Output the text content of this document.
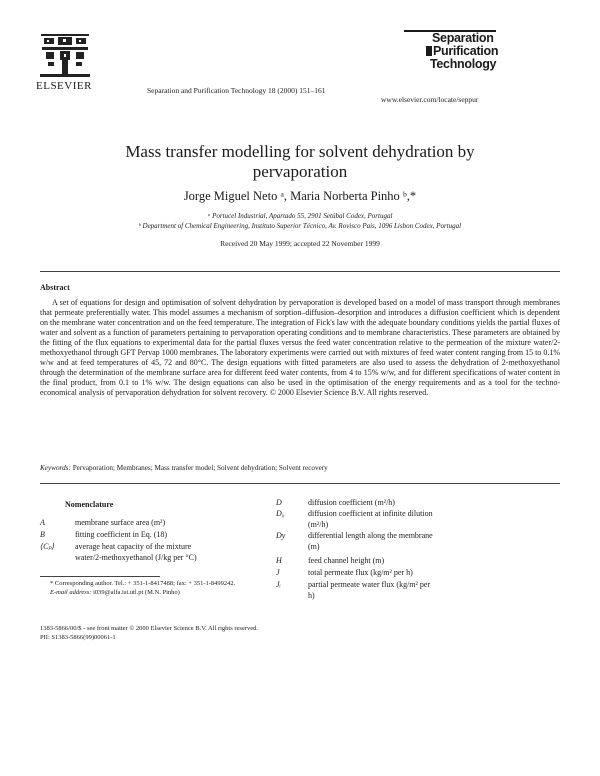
ELSEVIER	Separation and Purification Technology 18 (2000) 151–161
Separation
Purification
Technology
www.elsevier.com/locate/seppur
Mass transfer modelling for solvent dehydration by
pervaporation
Jorge Miguel Neto ᵃ, Maria Norberta Pinho ᵇ,*
ᵃ Portucel Industrial, Apartado 55, 2901 Setúbal Codex, Portugal
ᵇ Department of Chemical Engineering, Instituto Superior Técnico, Av. Rovisco Pais, 1096 Lisbon Codex, Portugal
Received 20 May 1999; accepted 22 November 1999
Abstract

A set of equations for design and optimisation of solvent dehydration by pervaporation is developed based on a model of mass transport through membranes that permeate preferentially water. This model assumes a mechanism of sorption–diffusion–desorption and introduces a diffusion coefficient which is dependent on the membrane water concentration and on the feed temperature. The integration of Fick's law with the adequate boundary conditions yields the partial fluxes of water and solvent as a function of parameters pertaining to pervaporation operating conditions and to membrane characteristics. These parameters are obtained by the fitting of the flux equations to experimental data for the partial fluxes versus the feed water concentration relative to the permeation of the mixture water/2-methoxyethanol through GFT Pervap 1000 membranes. The laboratory experiments were carried out with mixtures of feed water content ranging from 15 to 0.1% w/w and at feed temperatures of 45, 72 and 80°C. The design equations with fitted parameters are also used to assess the dehydration of 2-methoxyethanol through the determination of the membrane surface area for different feed water contents, from 4 to 15% w/w, and for different specifications of water content in the final product, from 0.1 to 1% w/w. The design equations can also be used in the optimisation of the energy requirements and as a tool for the techno-economical analysis of pervaporation dehydration for solvent recovery. © 2000 Elsevier Science B.V. All rights reserved.

Keywords: Pervaporation; Membranes; Mass transfer model; Solvent dehydration; Solvent recovery
Nomenclature
A	membrane surface area (m²)
B	fitting coefficient in Eq. (18)
⟨Cₚ⟩	average heat capacity of the mixture
water/2-methoxyethanol (J/kg per °C)
D	diffusion coefficient (m²/h)
D₀	diffusion coefficient at infinite dilution
(m²/h)
Dy	differential length along the membrane
(m)
H	feed channel height (m)
J	total permeate flux (kg/m² per h)
Jᵢ	partial permeate water flux (kg/m² per
h)
* Corresponding author. Tel.: + 351-1-8417488; fax: + 351-1-8499242.
E-mail address: i039@alfa.ist.utl.pt (M.N. Pinho)
1383-5866/00/$ - see front matter © 2000 Elsevier Science B.V. All rights reserved.
PII: S1383-5866(99)00061-1
